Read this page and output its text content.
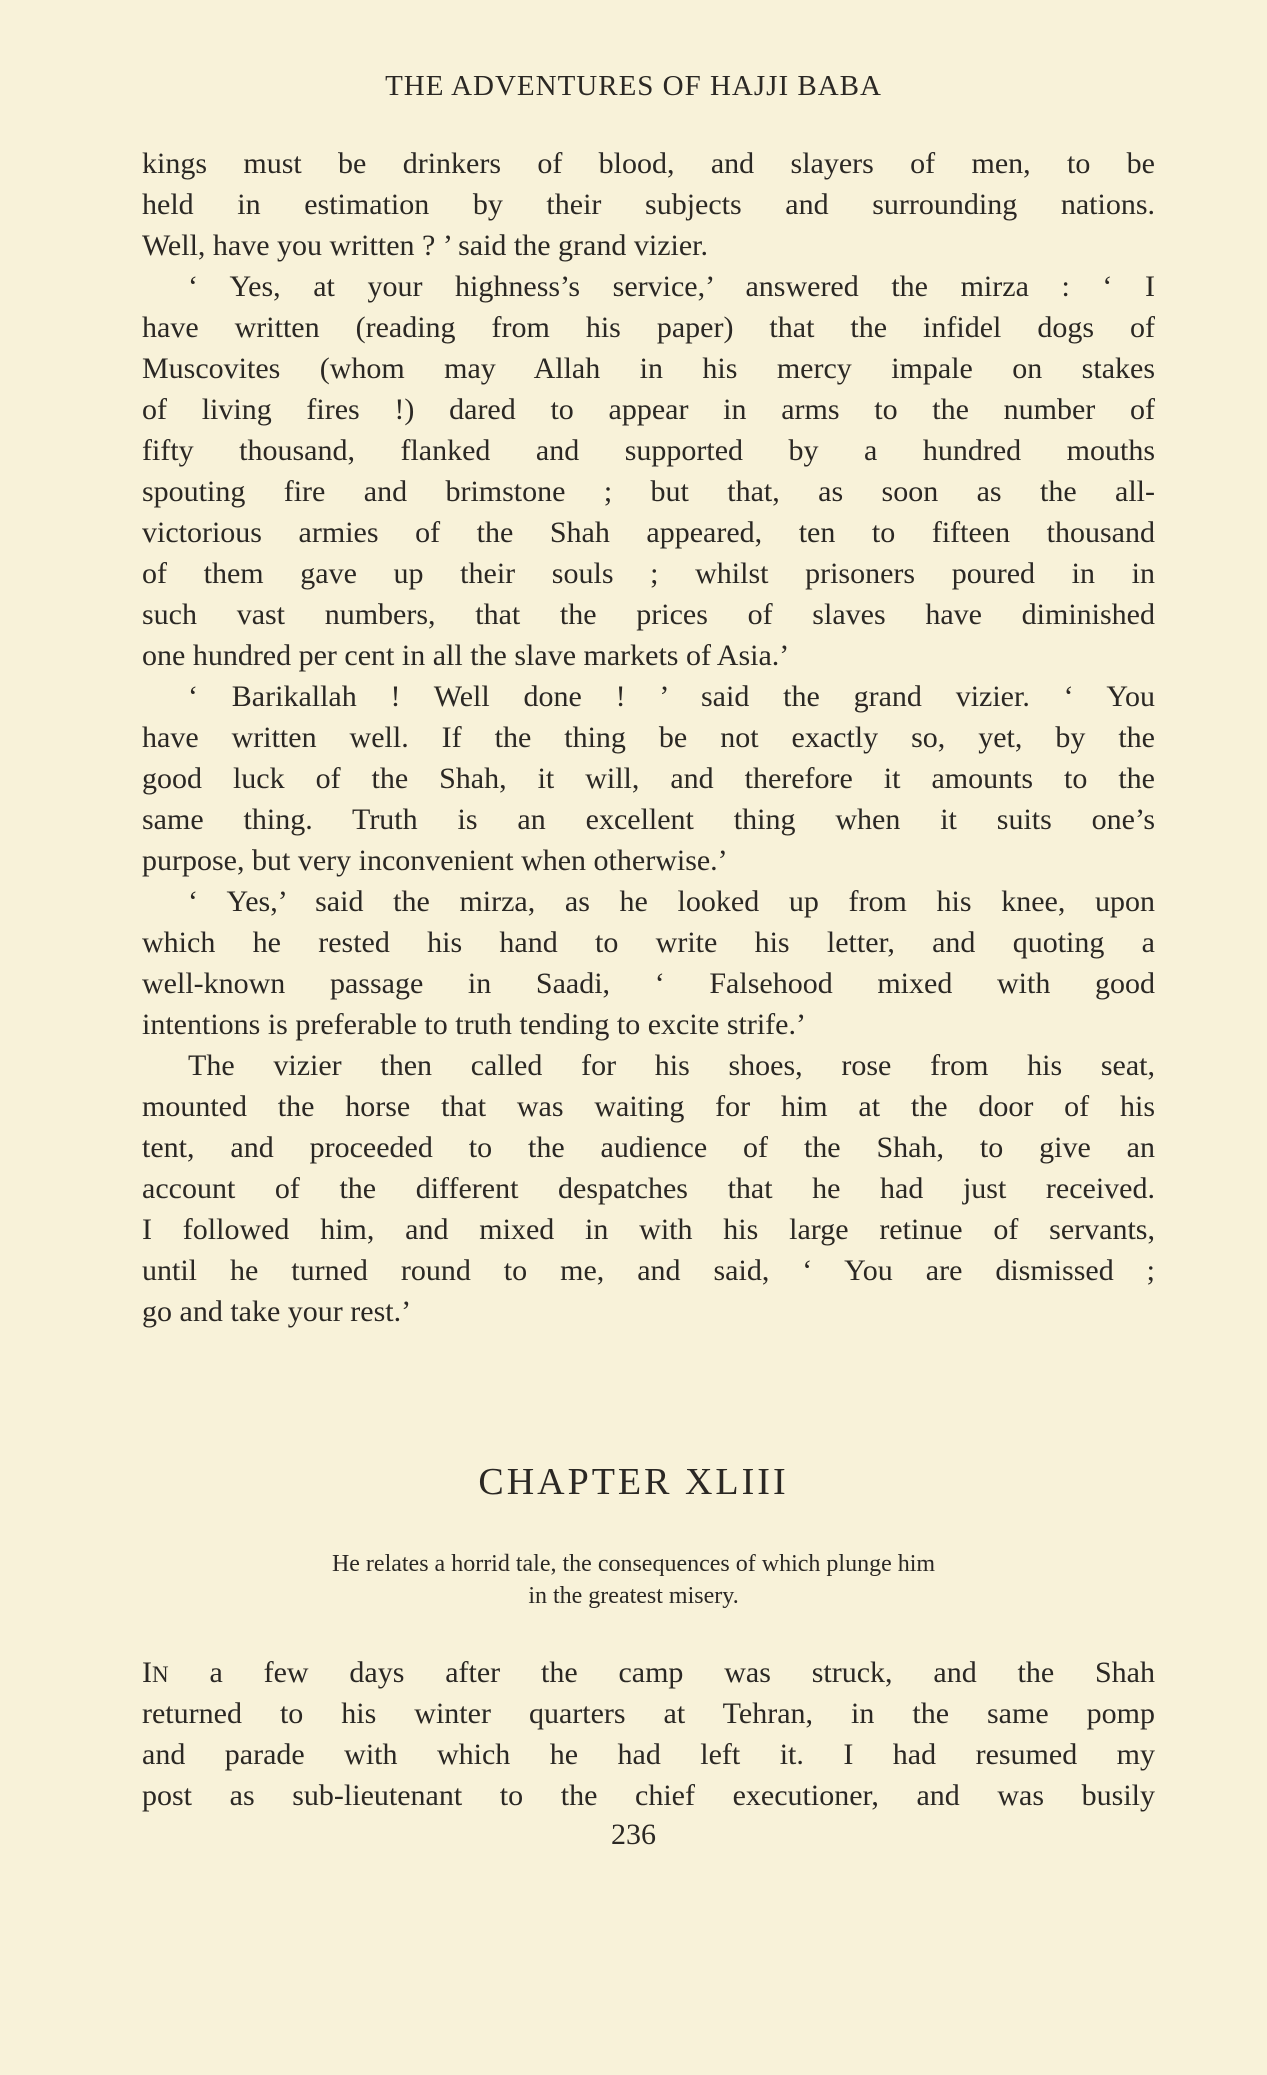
THE ADVENTURES OF HAJJI BABA
kings must be drinkers of blood, and slayers of men, to be
held in estimation by their subjects and surrounding nations.
Well, have you written ? ’ said the grand vizier.
‘ Yes, at your highness’s service,’ answered the mirza : ‘ I
have written (reading from his paper) that the infidel dogs of
Muscovites (whom may Allah in his mercy impale on stakes
of living fires !) dared to appear in arms to the number of
fifty thousand, flanked and supported by a hundred mouths
spouting fire and brimstone ; but that, as soon as the all-
victorious armies of the Shah appeared, ten to fifteen thousand
of them gave up their souls ; whilst prisoners poured in in
such vast numbers, that the prices of slaves have diminished
one hundred per cent in all the slave markets of Asia.’
‘ Barikallah ! Well done ! ’ said the grand vizier. ‘ You
have written well. If the thing be not exactly so, yet, by the
good luck of the Shah, it will, and therefore it amounts to the
same thing. Truth is an excellent thing when it suits one’s
purpose, but very inconvenient when otherwise.’
‘ Yes,’ said the mirza, as he looked up from his knee, upon
which he rested his hand to write his letter, and quoting a
well-known passage in Saadi, ‘ Falsehood mixed with good
intentions is preferable to truth tending to excite strife.’
The vizier then called for his shoes, rose from his seat,
mounted the horse that was waiting for him at the door of his
tent, and proceeded to the audience of the Shah, to give an
account of the different despatches that he had just received.
I followed him, and mixed in with his large retinue of servants,
until he turned round to me, and said, ‘ You are dismissed ;
go and take your rest.’
CHAPTER XLIII
He relates a horrid tale, the consequences of which plunge him
in the greatest misery.
IN a few days after the camp was struck, and the Shah
returned to his winter quarters at Tehran, in the same pomp
and parade with which he had left it. I had resumed my
post as sub-lieutenant to the chief executioner, and was busily
236
